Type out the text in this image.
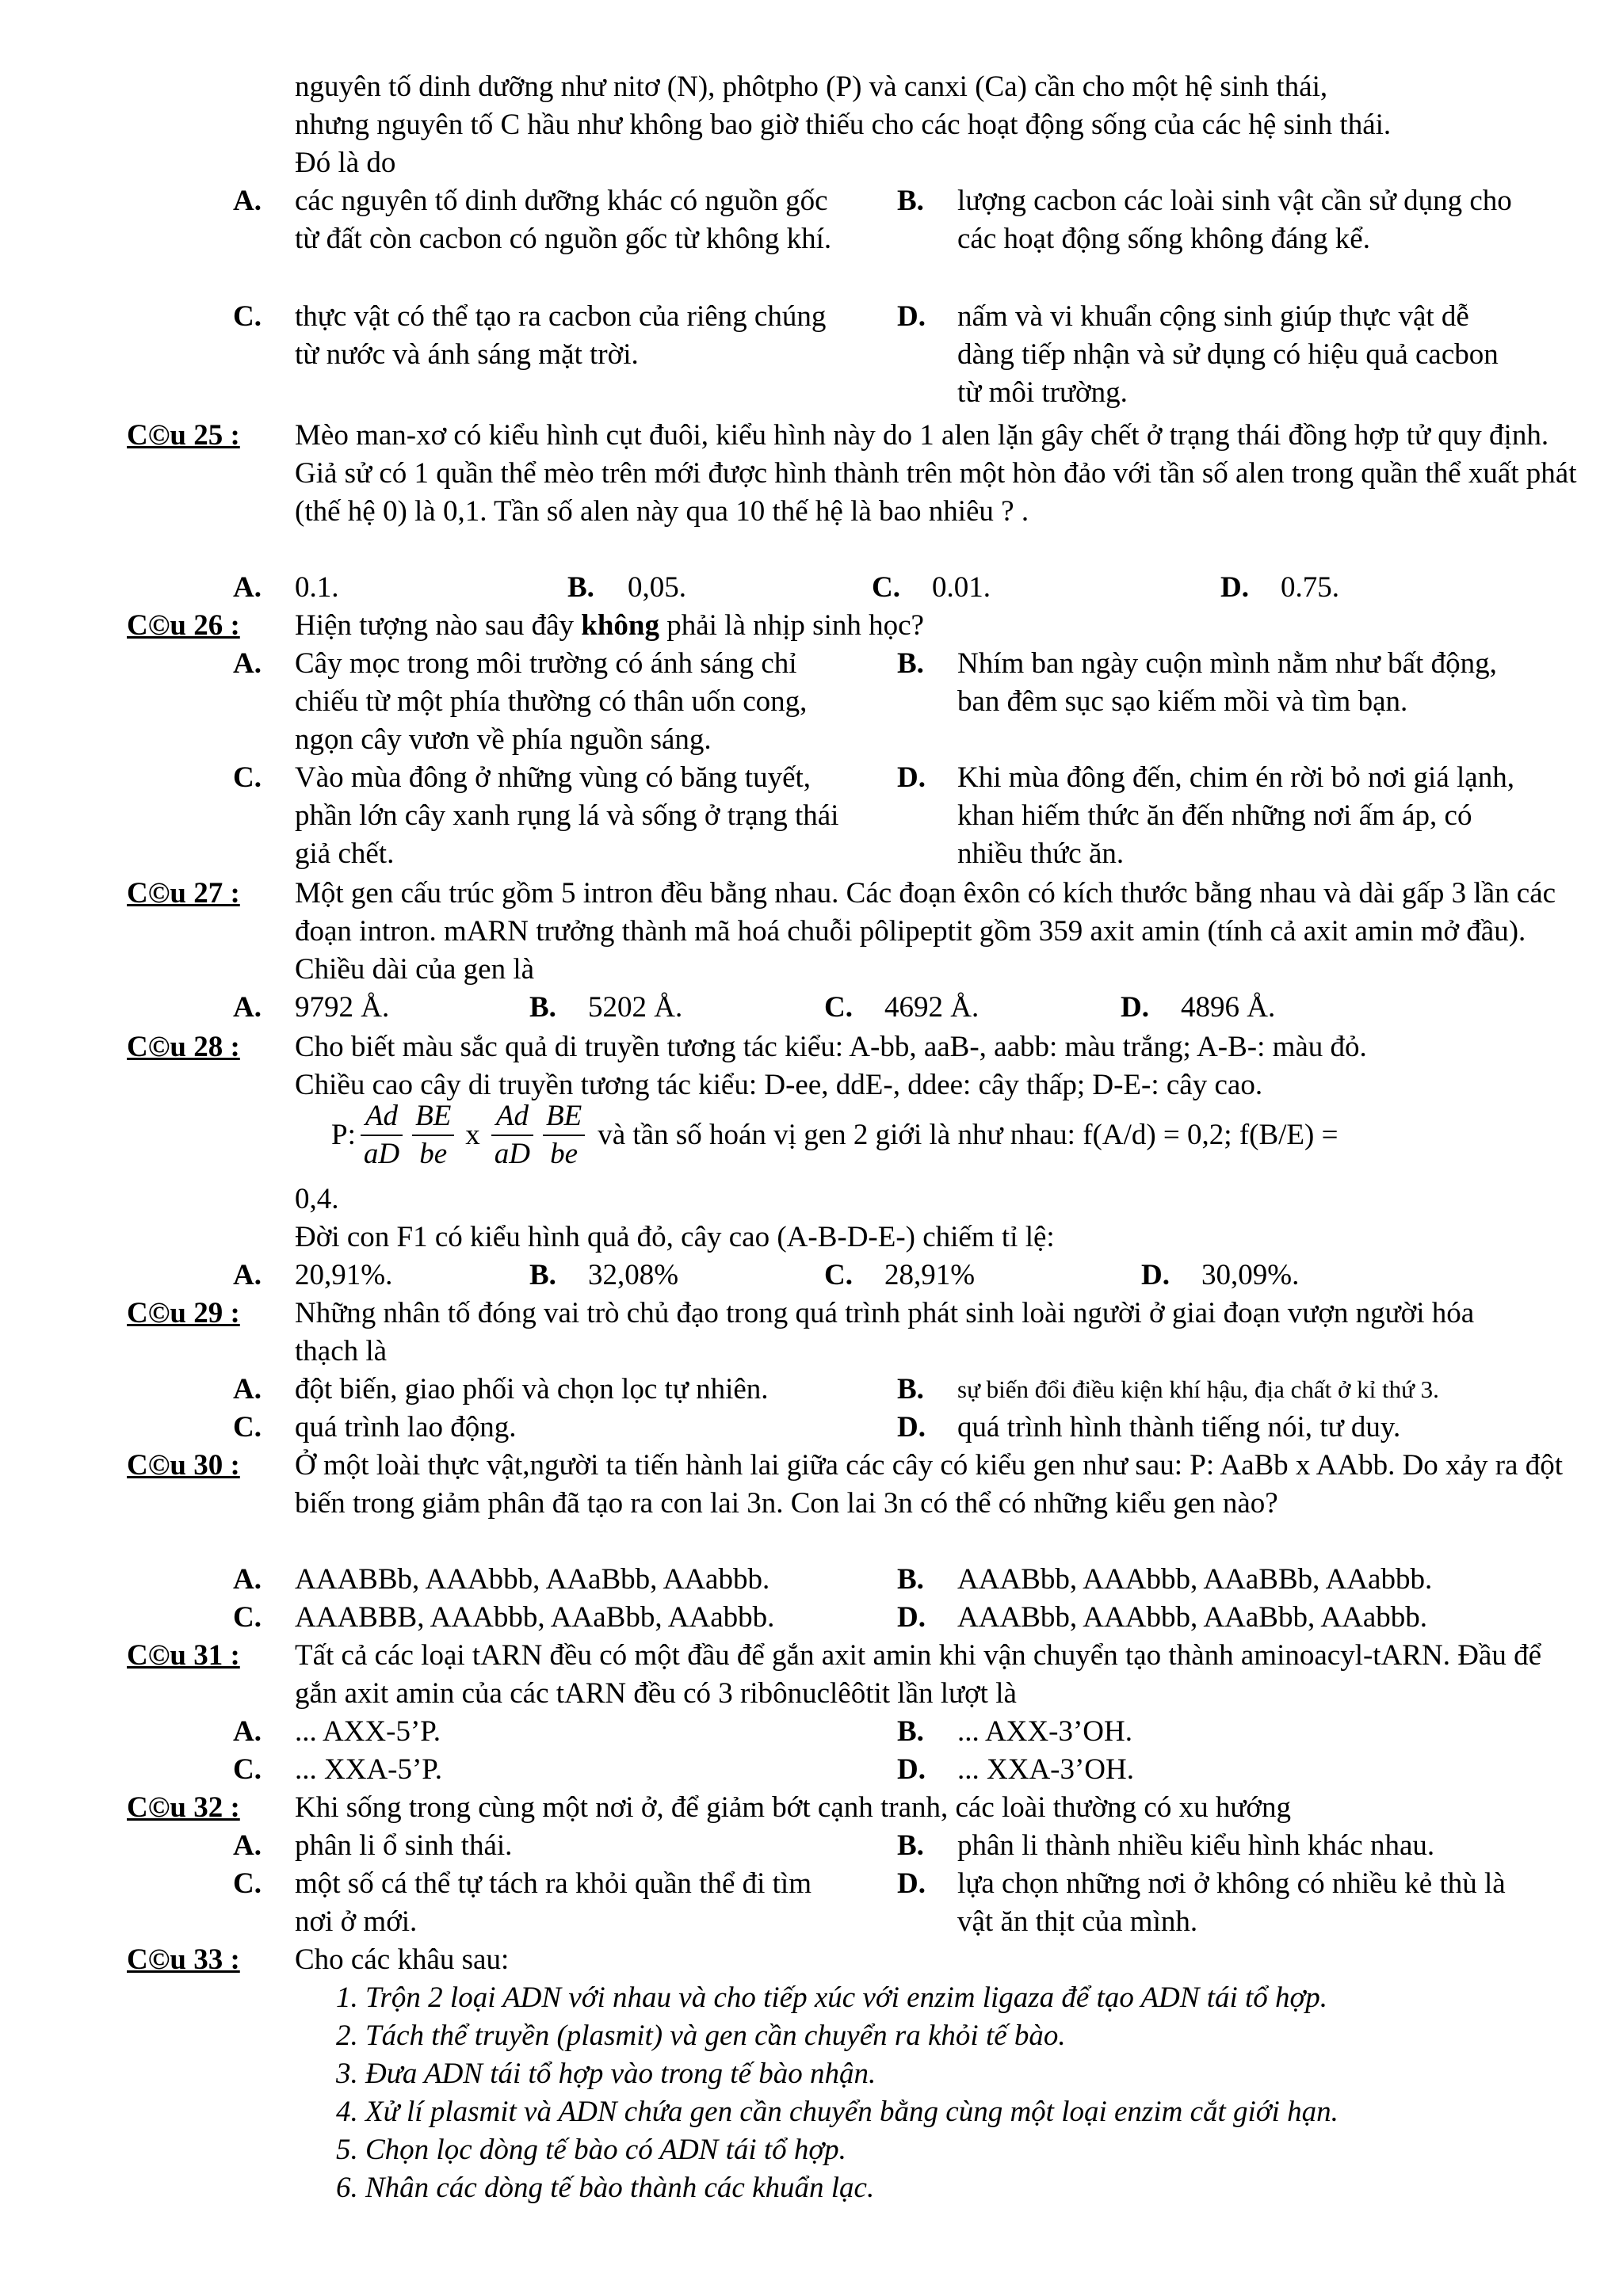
nguyên tố dinh dưỡng như nitơ (N), phôtpho (P) và canxi (Ca) cần cho một hệ sinh thái,
nhưng nguyên tố C hầu như không bao giờ thiếu cho các hoạt động sống của các hệ sinh thái.
Đó là do
A. các nguyên tố dinh dưỡng khác có nguồn gốc từ đất còn cacbon có nguồn gốc từ không khí.
B. lượng cacbon các loài sinh vật cần sử dụng cho các hoạt động sống không đáng kể.
C. thực vật có thể tạo ra cacbon của riêng chúng từ nước và ánh sáng mặt trời.
D. nấm và vi khuẩn cộng sinh giúp thực vật dễ dàng tiếp nhận và sử dụng có hiệu quả cacbon từ môi trường.
C©u 25 : Mèo man-xơ có kiểu hình cụt đuôi, kiểu hình này do 1 alen lặn gây chết ở trạng thái đồng hợp tử quy định. Giả sử có 1 quần thể mèo trên mới được hình thành trên một hòn đảo với tần số alen trong quần thể xuất phát (thế hệ 0) là 0,1. Tần số alen này qua 10 thế hệ là bao nhiêu ? .
A. 0.1.	B. 0,05.	C. 0.01.	D. 0.75.
C©u 26 : Hiện tượng nào sau đây không phải là nhịp sinh học?
A. Cây mọc trong môi trường có ánh sáng chỉ chiếu từ một phía thường có thân uốn cong, ngọn cây vươn về phía nguồn sáng.
B. Nhím ban ngày cuộn mình nằm như bất động, ban đêm sục sạo kiếm mồi và tìm bạn.
C. Vào mùa đông ở những vùng có băng tuyết, phần lớn cây xanh rụng lá và sống ở trạng thái giả chết.
D. Khi mùa đông đến, chim én rời bỏ nơi giá lạnh, khan hiếm thức ăn đến những nơi ấm áp, có nhiều thức ăn.
C©u 27 : Một gen cấu trúc gồm 5 intron đều bằng nhau. Các đoạn êxôn có kích thước bằng nhau và dài gấp 3 lần các đoạn intron. mARN trưởng thành mã hoá chuỗi pôlipeptit gồm 359 axit amin (tính cả axit amin mở đầu). Chiều dài của gen là
A. 9792 Å.	B. 5202 Å.	C. 4692 Å.	D. 4896 Å.
C©u 28 : Cho biết màu sắc quả di truyền tương tác kiểu: A-bb, aaB-, aabb: màu trắng; A-B-: màu đỏ.
Chiều cao cây di truyền tương tác kiểu: D-ee, ddE-, ddee: cây thấp; D-E-: cây cao.
P: $\frac{Ad}{aD} \frac{BE}{be}$ x $\frac{Ad}{aD} \frac{BE}{be}$ và tần số hoán vị gen 2 giới là như nhau: f(A/d) = 0,2; f(B/E) =
0,4.
Đời con F1 có kiểu hình quả đỏ, cây cao (A-B-D-E-) chiếm tỉ lệ:
A. 20,91%.	B. 32,08%	C. 28,91%	D. 30,09%.
C©u 29 : Những nhân tố đóng vai trò chủ đạo trong quá trình phát sinh loài người ở giai đoạn vượn người hóa thạch là
A. đột biến, giao phối và chọn lọc tự nhiên.	B. sự biến đổi điều kiện khí hậu, địa chất ở kỉ thứ 3.
C. quá trình lao động.	D. quá trình hình thành tiếng nói, tư duy.
C©u 30 : Ở một loài thực vật,người ta tiến hành lai giữa các cây có kiểu gen như sau: P: AaBb x AAbb. Do xảy ra đột biến trong giảm phân đã tạo ra con lai 3n. Con lai 3n có thể có những kiểu gen nào?
A. AAABBb, AAAbbb, AAaBbb, AAabbb.	B. AAABbb, AAAbbb, AAaBBb, AAabbb.
C. AAABBB, AAAbbb, AAaBbb, AAabbb.	D. AAABbb, AAAbbb, AAaBbb, AAabbb.
C©u 31 : Tất cả các loại tARN đều có một đầu để gắn axit amin khi vận chuyển tạo thành aminoacyl-tARN. Đầu để gắn axit amin của các tARN đều có 3 ribônuclêôtit lần lượt là
A. ... AXX-5’P.	B. ... AXX-3’OH.
C. ... XXA-5’P.	D. ... XXA-3’OH.
C©u 32 : Khi sống trong cùng một nơi ở, để giảm bớt cạnh tranh, các loài thường có xu hướng
A. phân li ổ sinh thái.	B. phân li thành nhiều kiểu hình khác nhau.
C. một số cá thể tự tách ra khỏi quần thể đi tìm nơi ở mới.
D. lựa chọn những nơi ở không có nhiều kẻ thù là vật ăn thịt của mình.
C©u 33 : Cho các khâu sau:
1. Trộn 2 loại ADN với nhau và cho tiếp xúc với enzim ligaza để tạo ADN tái tổ hợp.
2. Tách thể truyền (plasmit) và gen cần chuyển ra khỏi tế bào.
3. Đưa ADN tái tổ hợp vào trong tế bào nhận.
4. Xử lí plasmit và ADN chứa gen cần chuyển bằng cùng một loại enzim cắt giới hạn.
5. Chọn lọc dòng tế bào có ADN tái tổ hợp.
6. Nhân các dòng tế bào thành các khuẩn lạc.
